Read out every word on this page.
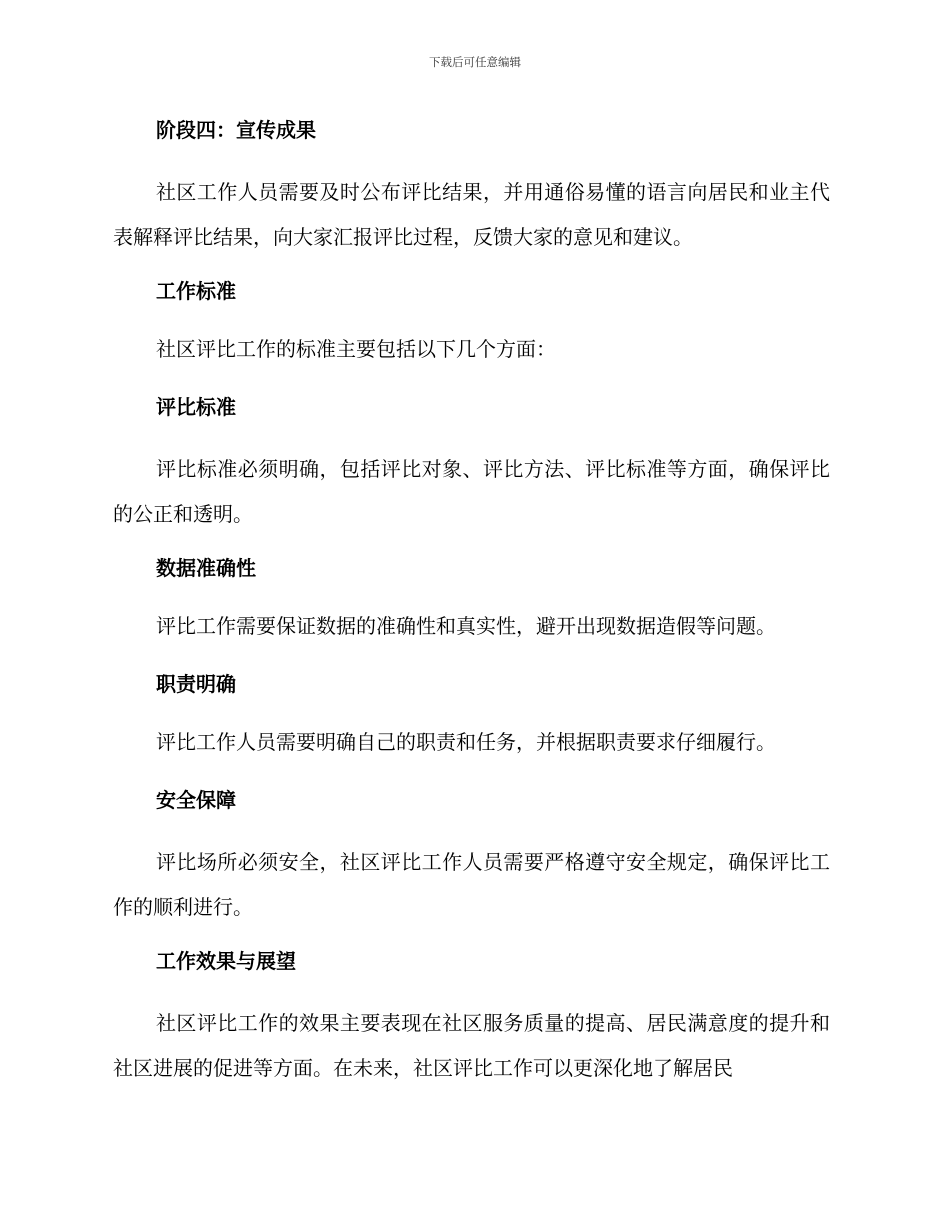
下载后可任意编辑
阶段四：宣传成果

社区工作人员需要及时公布评比结果，并用通俗易懂的语言向居民和业主代表解释评比结果，向大家汇报评比过程，反馈大家的意见和建议。

工作标准

社区评比工作的标准主要包括以下几个方面：

评比标准

评比标准必须明确，包括评比对象、评比方法、评比标准等方面，确保评比的公正和透明。

数据准确性

评比工作需要保证数据的准确性和真实性，避开出现数据造假等问题。

职责明确

评比工作人员需要明确自己的职责和任务，并根据职责要求仔细履行。

安全保障

评比场所必须安全，社区评比工作人员需要严格遵守安全规定，确保评比工作的顺利进行。

工作效果与展望

社区评比工作的效果主要表现在社区服务质量的提高、居民满意度的提升和社区进展的促进等方面。在未来，社区评比工作可以更深化地了解居民
